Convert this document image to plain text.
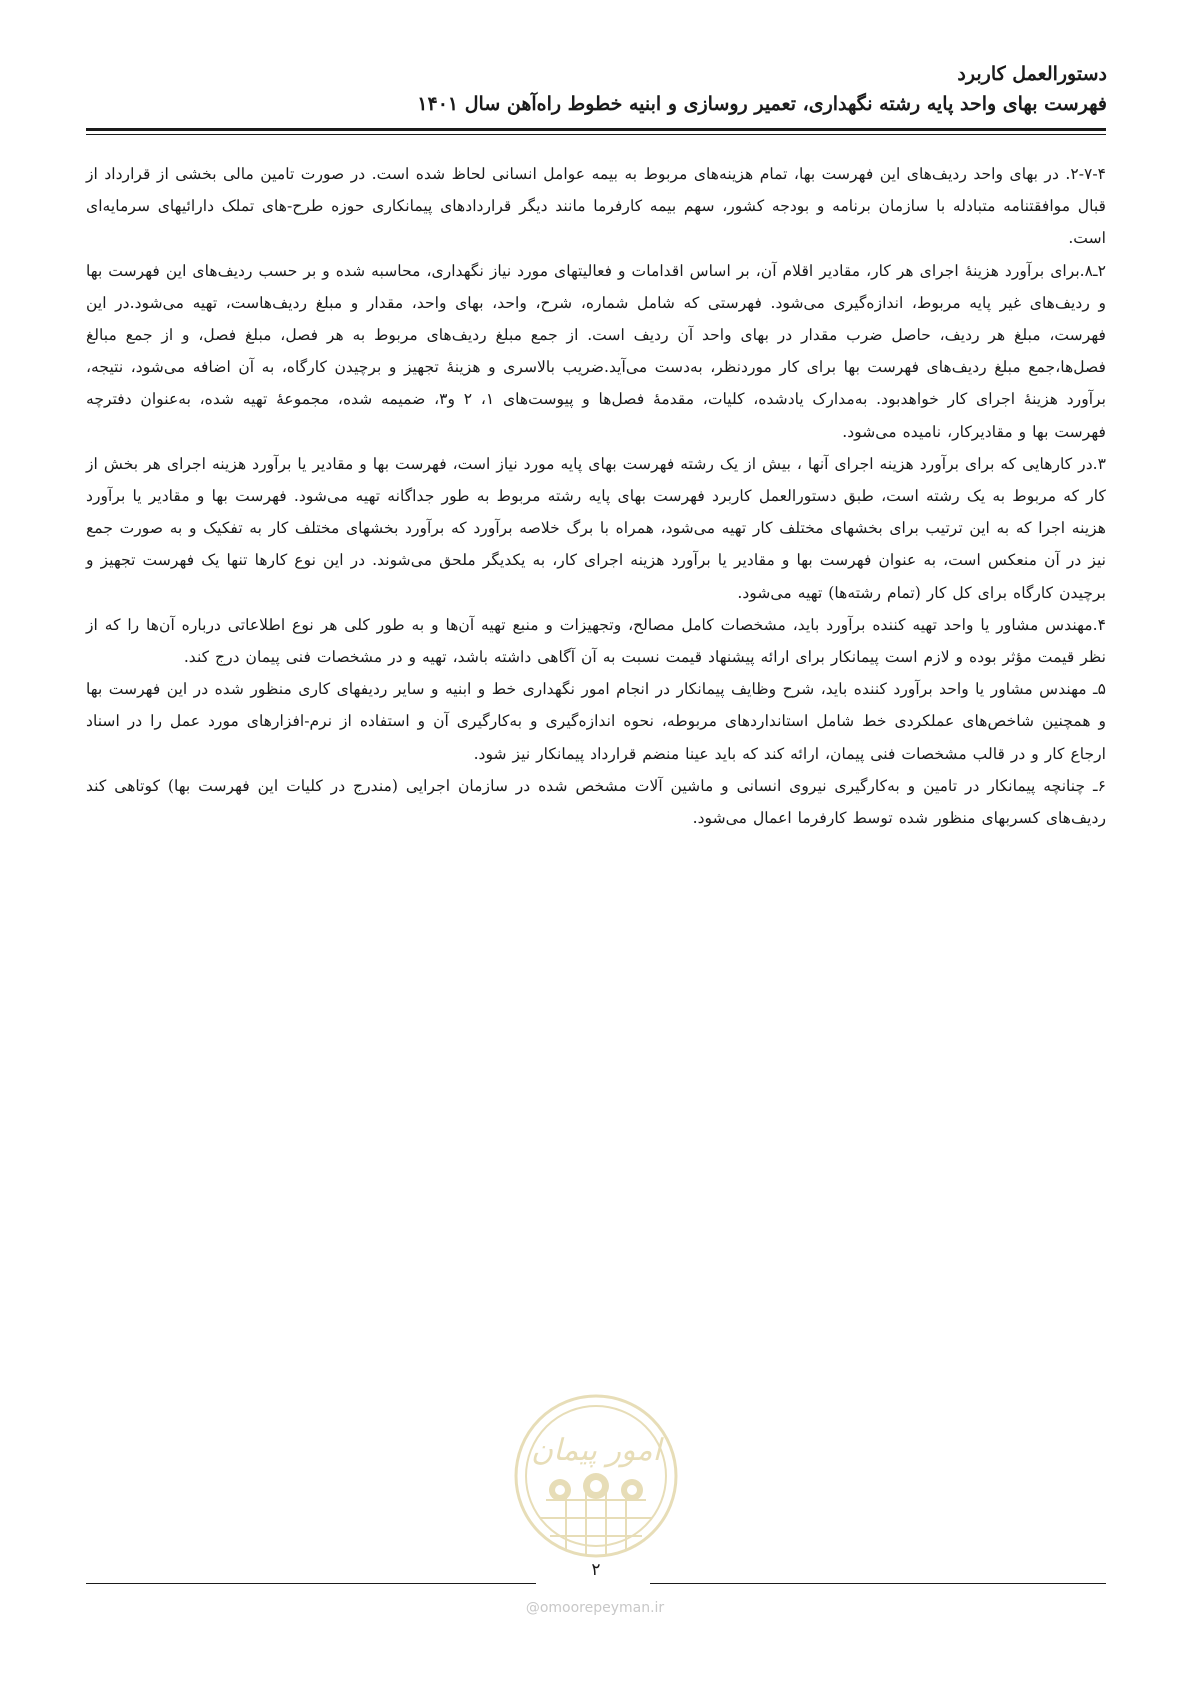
دستورالعمل کاربرد
فهرست بهای واحد پایه رشته نگهداری، تعمیر روسازی و ابنیه خطوط راه‌آهن سال ۱۴۰۱

۲-۷-۴. در بهای واحد ردیف‌های این فهرست بها، تمام هزینه‌های مربوط به بیمه عوامل انسانی لحاظ شده است. در صورت تامین مالی بخشی از قرارداد از قبال موافقتنامه متبادله با سازمان برنامه و بودجه کشور، سهم بیمه کارفرما مانند دیگر قراردادهای پیمانکاری حوزه طرح-های تملک دارائیهای سرمایه‌ای است.

۲ـ۸.برای برآورد هزینۀ اجرای هر کار، مقادیر اقلام آن، بر اساس اقدامات و فعالیتهای مورد نیاز نگهداری، محاسبه شده و بر حسب ردیف‌های این فهرست بها و ردیف‌های غیر پایه مربوط، اندازه‌گیری می‌شود. فهرستی که شامل شماره، شرح، واحد، بهای واحد، مقدار و مبلغ ردیف‌هاست، تهیه می‌شود.در این فهرست، مبلغ هر ردیف، حاصل ضرب مقدار در بهای واحد آن ردیف است. از جمع مبلغ ردیف‌های مربوط به هر فصل، مبلغ فصل، و از جمع مبالغ فصل‌ها،جمع مبلغ ردیف‌های فهرست بها برای کار موردنظر، به‌دست می‌آید.ضریب بالاسری و هزینۀ تجهیز و برچیدن کارگاه، به آن اضافه می‌شود، نتیجه، برآورد هزینۀ اجرای کار خواهدبود. به‌مدارک یادشده، کلیات، مقدمۀ فصل‌ها و پیوست‌های ۱، ۲ و۳، ضمیمه شده، مجموعۀ تهیه شده، به‌عنوان دفترچه فهرست بها و مقادیرکار، نامیده می‌شود.

۳.در کارهایی که برای برآورد هزینه اجرای آنها ، بیش از یک رشته فهرست بهای پایه مورد نیاز است، فهرست بها و مقادیر یا برآورد هزینه اجرای هر بخش از کار که مربوط به یک رشته است، طبق دستورالعمل کاربرد فهرست بهای پایه رشته مربوط به طور جداگانه تهیه می‌شود. فهرست بها و مقادیر یا برآورد هزینه اجرا که به این ترتیب برای بخشهای مختلف کار تهیه می‌شود، همراه با برگ خلاصه برآورد که برآورد بخشهای مختلف کار به تفکیک و به صورت جمع نیز در آن منعکس است، به عنوان فهرست بها و مقادیر یا برآورد هزینه اجرای کار، به یکدیگر ملحق می‌شوند. در این نوع کارها تنها یک فهرست تجهیز و برچیدن کارگاه برای کل کار (تمام رشته‌ها) تهیه می‌شود.

۴.مهندس مشاور یا واحد تهیه کننده برآورد باید، مشخصات کامل مصالح، وتجهیزات و منبع تهیه آن‌ها و به طور کلی هر نوع اطلاعاتی درباره آن‌ها را که از نظر قیمت مؤثر بوده و لازم است پیمانکار برای ارائه پیشنهاد قیمت نسبت به آن آگاهی داشته باشد، تهیه و در مشخصات فنی پیمان درج کند.

۵ـ مهندس مشاور یا واحد برآورد کننده باید، شرح وظایف پیمانکار در انجام امور نگهداری خط و ابنیه و سایر ردیفهای کاری منظور شده در این فهرست بها و همچنین شاخص‌های عملکردی خط شامل استانداردهای مربوطه، نحوه اندازه‌گیری و به‌کارگیری آن و استفاده از نرم-افزارهای مورد عمل را در اسناد ارجاع کار و در قالب مشخصات فنی پیمان، ارائه کند که باید عینا منضم قرارداد پیمانکار نیز شود.

۶ـ چنانچه پیمانکار در تامین و به‌کارگیری نیروی انسانی و ماشین آلات مشخص شده در سازمان اجرایی (مندرج در کلیات این فهرست بها) کوتاهی کند ردیف‌های کسربهای منظور شده توسط کارفرما اعمال می‌شود.

امور پیمان
۲
@omoorepeyman.ir
